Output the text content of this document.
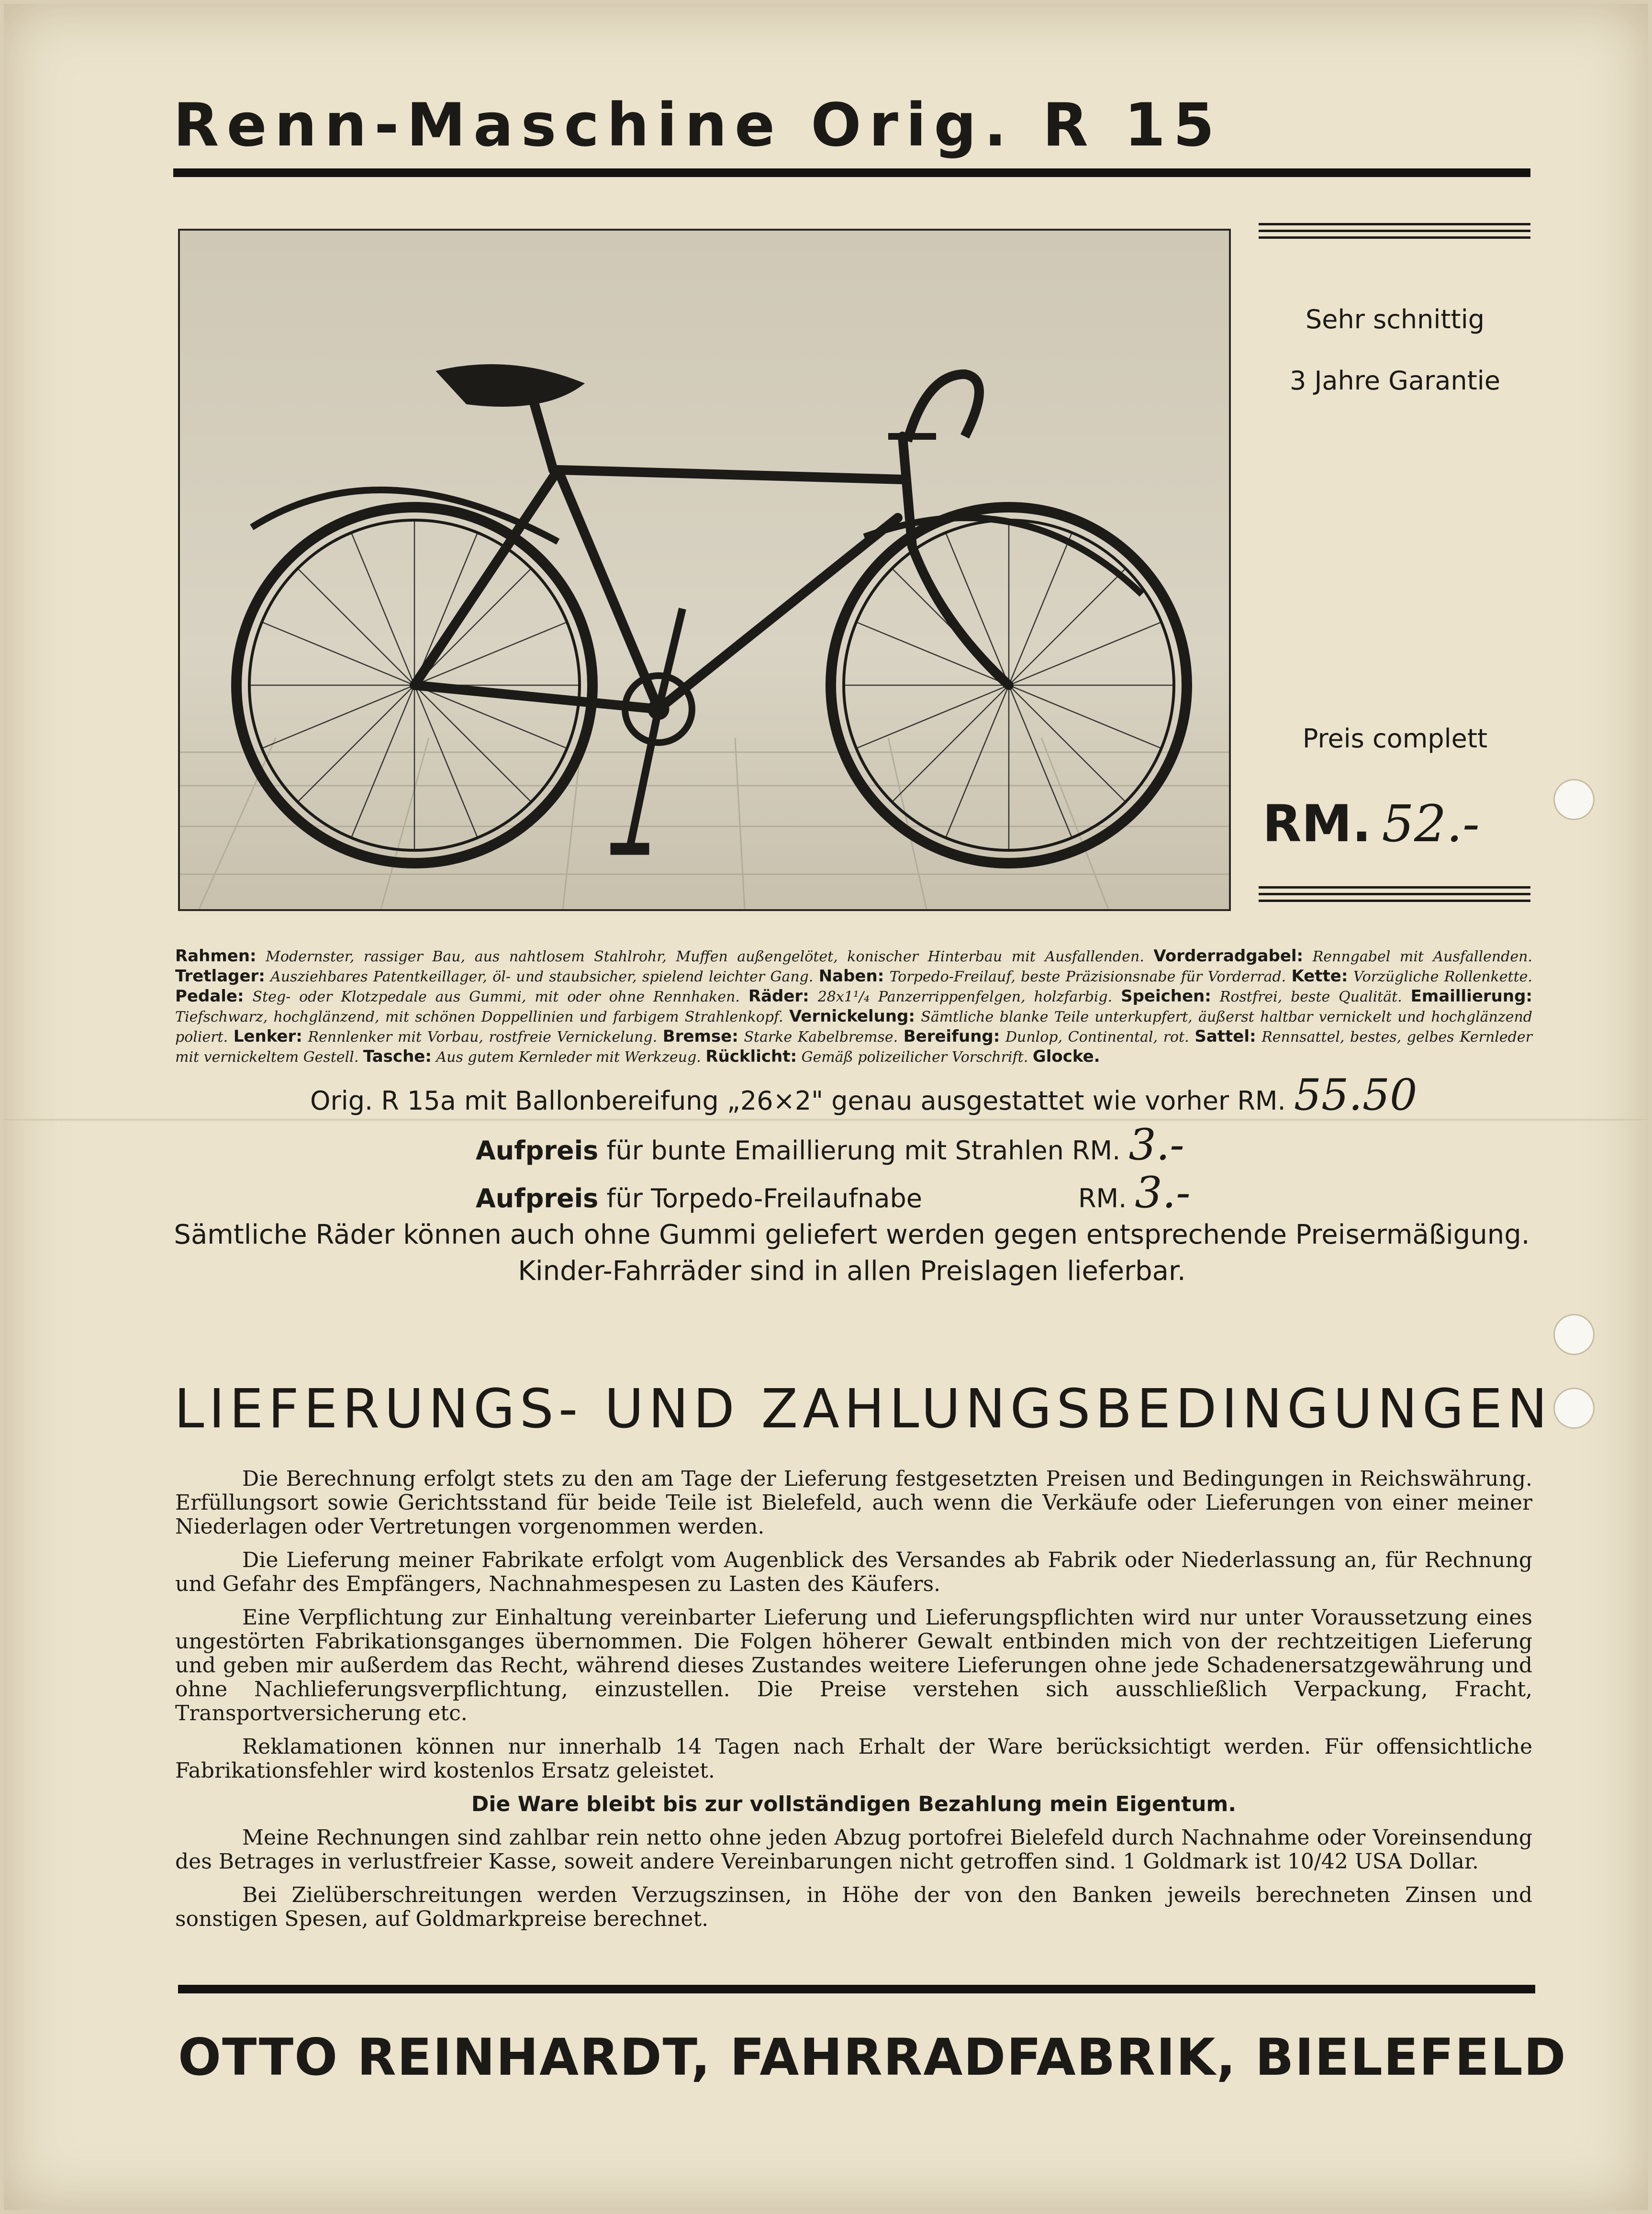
Renn-Maschine Orig. R 15
Sehr schnittig
3 Jahre Garantie
Preis complett
RM. 52.-
Rahmen: Modernster, rassiger Bau, aus nahtlosem Stahlrohr, Muffen außengelötet, konischer Hinterbau mit Ausfallenden. Vorderradgabel: Renngabel mit Ausfallenden. Tretlager: Ausziehbares Patentkeillager, öl- und staubsicher, spielend leichter Gang. Naben: Torpedo-Freilauf, beste Präzisionsnabe für Vorderrad. Kette: Vorzügliche Rollenkette. Pedale: Steg- oder Klotzpedale aus Gummi, mit oder ohne Rennhaken. Räder: 28x1¹/₄ Panzerrippenfelgen, holzfarbig. Speichen: Rostfrei, beste Qualität. Emaillierung: Tiefschwarz, hochglänzend, mit schönen Doppellinien und farbigem Strahlenkopf. Vernickelung: Sämtliche blanke Teile unterkupfert, äußerst haltbar vernickelt und hochglänzend poliert. Lenker: Rennlenker mit Vorbau, rostfreie Vernickelung. Bremse: Starke Kabelbremse. Bereifung: Dunlop, Continental, rot. Sattel: Rennsattel, bestes, gelbes Kernleder mit vernickeltem Gestell. Tasche: Aus gutem Kernleder mit Werkzeug. Rücklicht: Gemäß polizeilicher Vorschrift. Glocke.
Orig. R 15a mit Ballonbereifung „26×2" genau ausgestattet wie vorher RM. 55.50
Aufpreis für bunte Emaillierung mit Strahlen RM. 3.-
Aufpreis für Torpedo-Freilaufnabe	RM. 3.-
Sämtliche Räder können auch ohne Gummi geliefert werden gegen entsprechende Preisermäßigung.
Kinder-Fahrräder sind in allen Preislagen lieferbar.
LIEFERUNGS- UND ZAHLUNGSBEDINGUNGEN

Die Berechnung erfolgt stets zu den am Tage der Lieferung festgesetzten Preisen und Bedingungen in Reichswährung. Erfüllungsort sowie Gerichtsstand für beide Teile ist Bielefeld, auch wenn die Verkäufe oder Lieferungen von einer meiner Niederlagen oder Vertretungen vorgenommen werden.

Die Lieferung meiner Fabrikate erfolgt vom Augenblick des Versandes ab Fabrik oder Niederlassung an, für Rechnung und Gefahr des Empfängers, Nachnahmespesen zu Lasten des Käufers.

Eine Verpflichtung zur Einhaltung vereinbarter Lieferung und Lieferungspflichten wird nur unter Voraussetzung eines ungestörten Fabrikationsganges übernommen. Die Folgen höherer Gewalt entbinden mich von der rechtzeitigen Lieferung und geben mir außerdem das Recht, während dieses Zustandes weitere Lieferungen ohne jede Schadenersatzgewährung und ohne Nachlieferungsverpflichtung, einzustellen. Die Preise verstehen sich ausschließlich Verpackung, Fracht, Transportversicherung etc.

Reklamationen können nur innerhalb 14 Tagen nach Erhalt der Ware berücksichtigt werden. Für offensichtliche Fabrikationsfehler wird kostenlos Ersatz geleistet.

Die Ware bleibt bis zur vollständigen Bezahlung mein Eigentum.

Meine Rechnungen sind zahlbar rein netto ohne jeden Abzug portofrei Bielefeld durch Nachnahme oder Voreinsendung des Betrages in verlustfreier Kasse, soweit andere Vereinbarungen nicht getroffen sind. 1 Goldmark ist 10/42 USA Dollar.

Bei Zielüberschreitungen werden Verzugszinsen, in Höhe der von den Banken jeweils berechneten Zinsen und sonstigen Spesen, auf Goldmarkpreise berechnet.

OTTO REINHARDT, FAHRRADFABRIK, BIELEFELD
